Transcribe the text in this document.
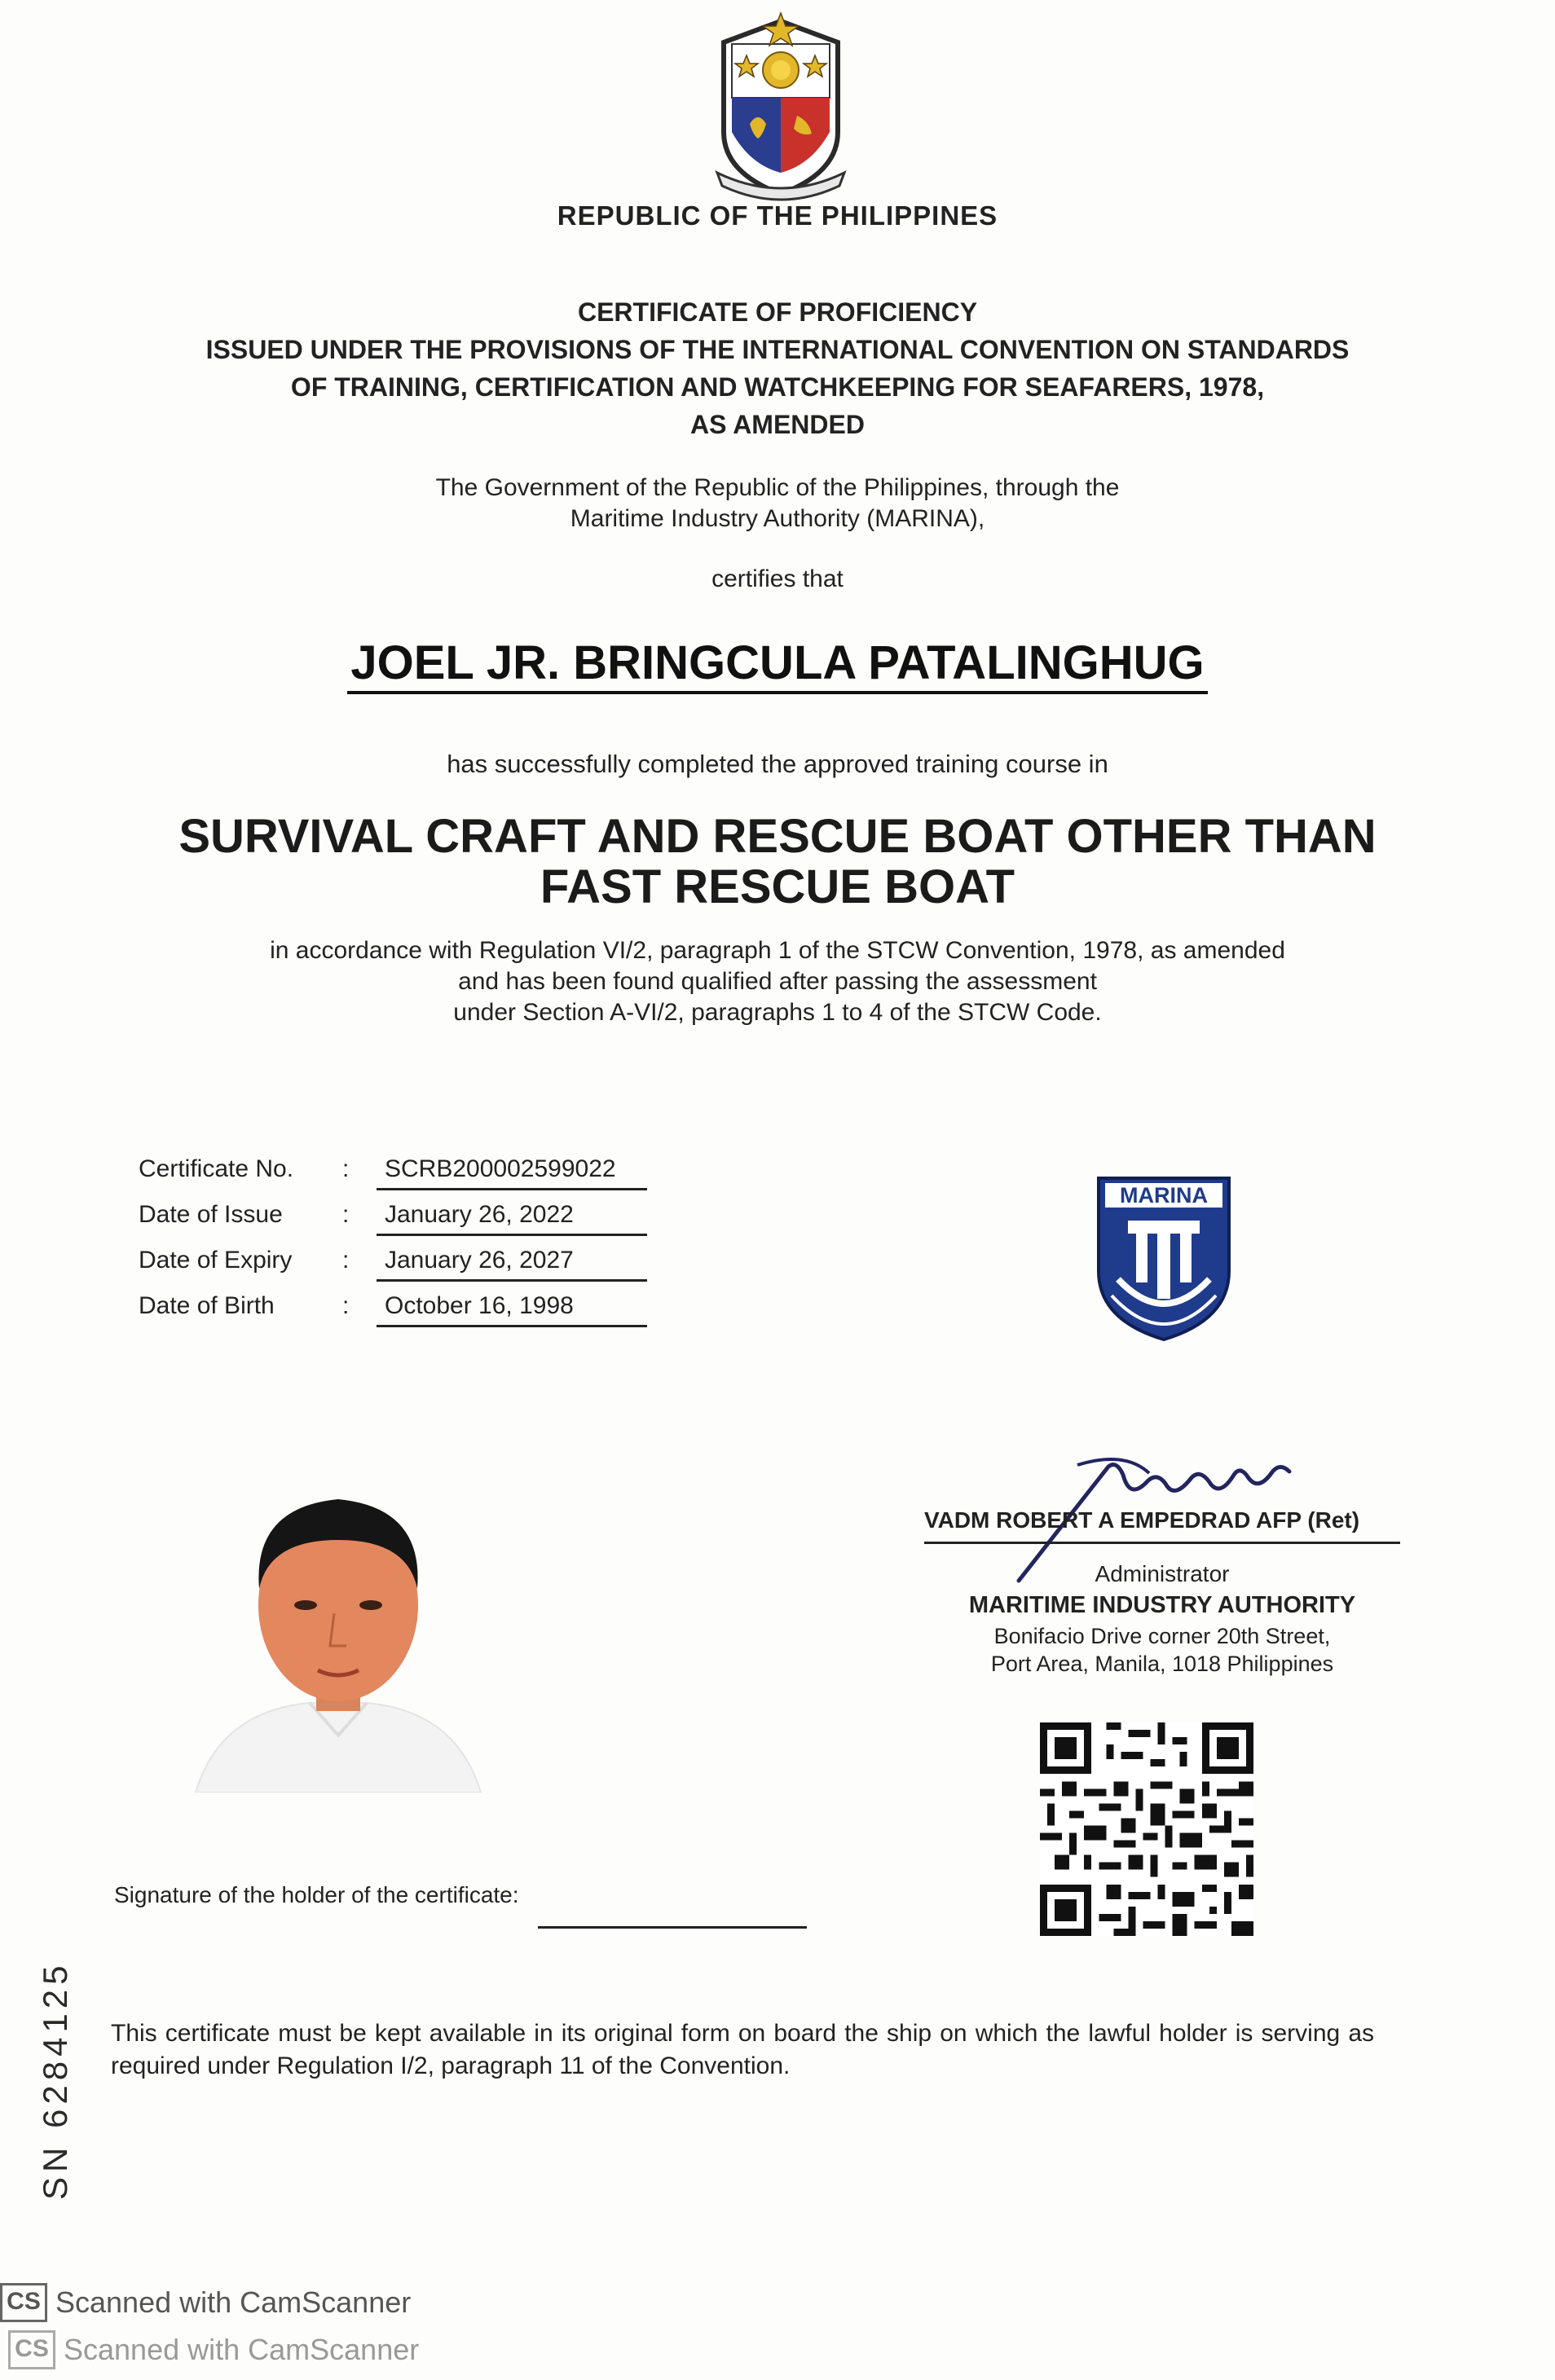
REPUBLIC OF THE PHILIPPINES
CERTIFICATE OF PROFICIENCY
ISSUED UNDER THE PROVISIONS OF THE INTERNATIONAL CONVENTION ON STANDARDS
OF TRAINING, CERTIFICATION AND WATCHKEEPING FOR SEAFARERS, 1978,
AS AMENDED
The Government of the Republic of the Philippines, through the
Maritime Industry Authority (MARINA),
certifies that
JOEL JR. BRINGCULA PATALINGHUG
has successfully completed the approved training course in
SURVIVAL CRAFT AND RESCUE BOAT OTHER THAN
FAST RESCUE BOAT
in accordance with Regulation VI/2, paragraph 1 of the STCW Convention, 1978, as amended
and has been found qualified after passing the assessment
under Section A-VI/2, paragraphs 1 to 4 of the STCW Code.
Certificate No.	:	SCRB200002599022
Date of Issue	:	January 26, 2022
Date of Expiry	:	January 26, 2027
Date of Birth	:	October 16, 1998
MARINA
VADM ROBERT A EMPEDRAD AFP (Ret)
Administrator
MARITIME INDUSTRY AUTHORITY
Bonifacio Drive corner 20th Street,
Port Area, Manila, 1018 Philippines
Signature of the holder of the certificate:
This certificate must be kept available in its original form on board the ship on which the lawful holder is serving as required under Regulation I/2, paragraph 11 of the Convention.
SN 6284125
CS Scanned with CamScanner
CS Scanned with CamScanner
